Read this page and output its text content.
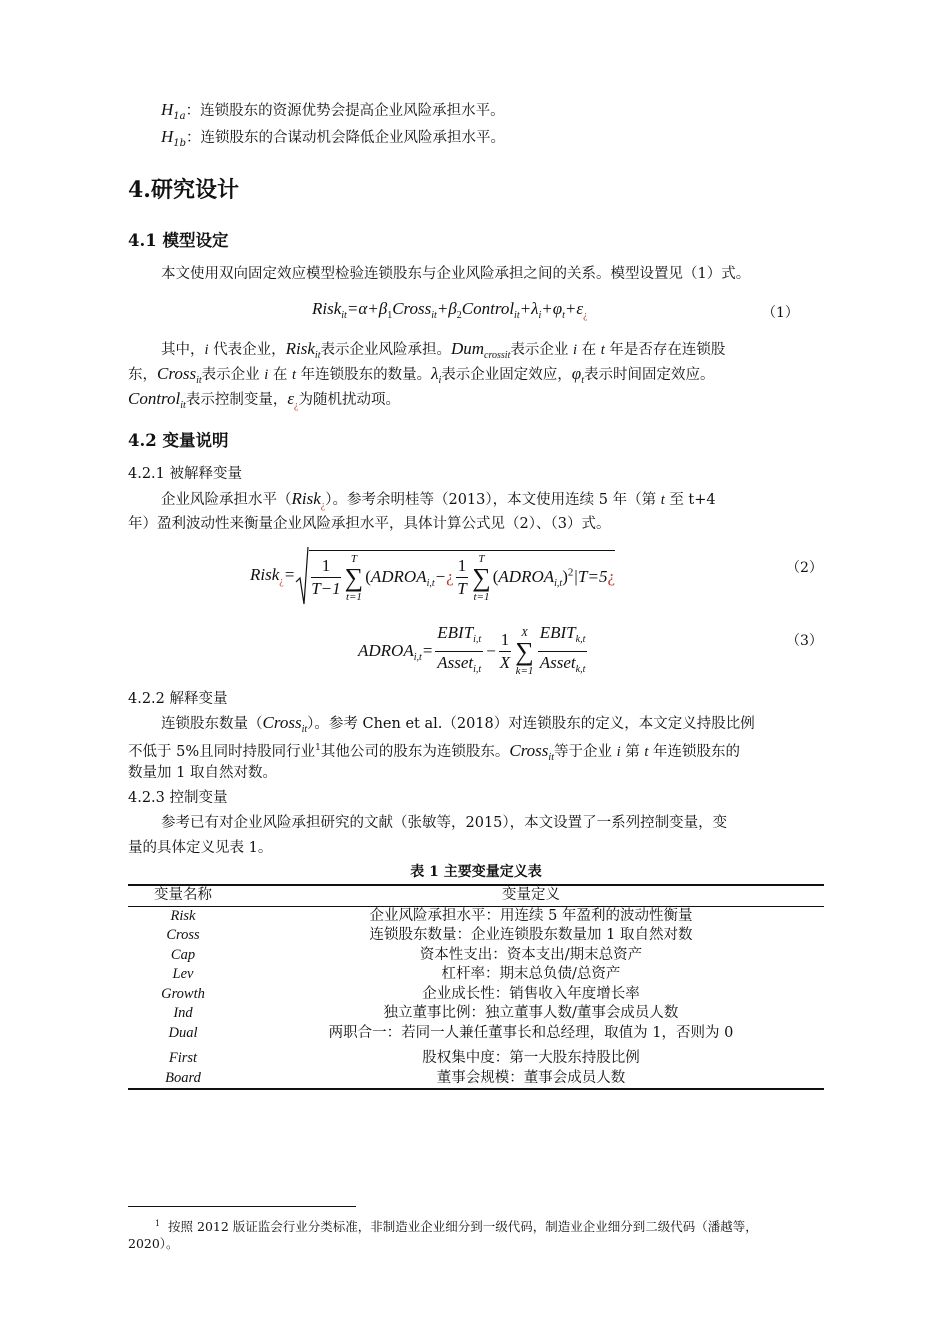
$H_{1a}$：连锁股东的资源优势会提高企业风险承担水平。
$H_{1b}$：连锁股东的合谋动机会降低企业风险承担水平。
4.研究设计
4.1 模型设定
本文使用双向固定效应模型检验连锁股东与企业风险承担之间的关系。模型设置见（1）式。
$Risk_{it}=\alpha+\beta_1Cross_{it}+\beta_2Control_{it}+\lambda_i+\varphi_t+\varepsilon_¿$	（1）
其中，i 代表企业，Risk$_{it}$表示企业风险承担。Dum$_{crossit}$表示企业 i 在 t 年是否存在连锁股
东，Cross$_{it}$表示企业 i 在 t 年连锁股东的数量。$\lambda_i$表示企业固定效应，$\varphi_t$表示时间固定效应。
Control$_{it}$表示控制变量，$\varepsilon_¿$为随机扰动项。
4.2 变量说明
4.2.1 被解释变量
企业风险承担水平（Risk$_¿$）。参考余明桂等（2013），本文使用连续 5 年（第 t 至 t+4
年）盈利波动性来衡量企业风险承担水平，具体计算公式见（2）、（3）式。
Risk$_¿$= $\frac{1}{T-1}$ T
∑
$t=1(ADROA_{i,t}-¿ \frac{1}{T}$ T
∑
$t=1(ADROA_{i,t})^2|T=5¿$	（2）
$ADROA_{i,t}= \frac{EBIT_{i,t}}{Asset_{i,t}} - \frac{1}{X}$ X
∑
$k=1 \frac{EBIT_{k,t}}{Asset_{k,t}}$	（3）
4.2.2 解释变量
连锁股东数量（Cross$_{it}$）。参考 Chen et al.（2018）对连锁股东的定义，本文定义持股比例
不低于 5%且同时持股同行业$^1$其他公司的股东为连锁股东。Cross$_{it}$等于企业 i 第 t 年连锁股东的
数量加 1 取自然对数。
4.2.3 控制变量
参考已有对企业风险承担研究的文献（张敏等，2015），本文设置了一系列控制变量，变
量的具体定义见表 1。
表 1 主要变量定义表
变量名称	变量定义
Risk	企业风险承担水平：用连续 5 年盈利的波动性衡量
Cross	连锁股东数量：企业连锁股东数量加 1 取自然对数
Cap	资本性支出：资本支出/期末总资产
Lev	杠杆率：期末总负债/总资产
Growth	企业成长性：销售收入年度增长率
Ind	独立董事比例：独立董事人数/董事会成员人数
Dual	两职合一：若同一人兼任董事长和总经理，取值为 1，否则为 0
First	股权集中度：第一大股东持股比例
Board	董事会规模：董事会成员人数
$^1$ 按照 2012 版证监会行业分类标准，非制造业企业细分到一级代码，制造业企业细分到二级代码（潘越等，
2020）。
